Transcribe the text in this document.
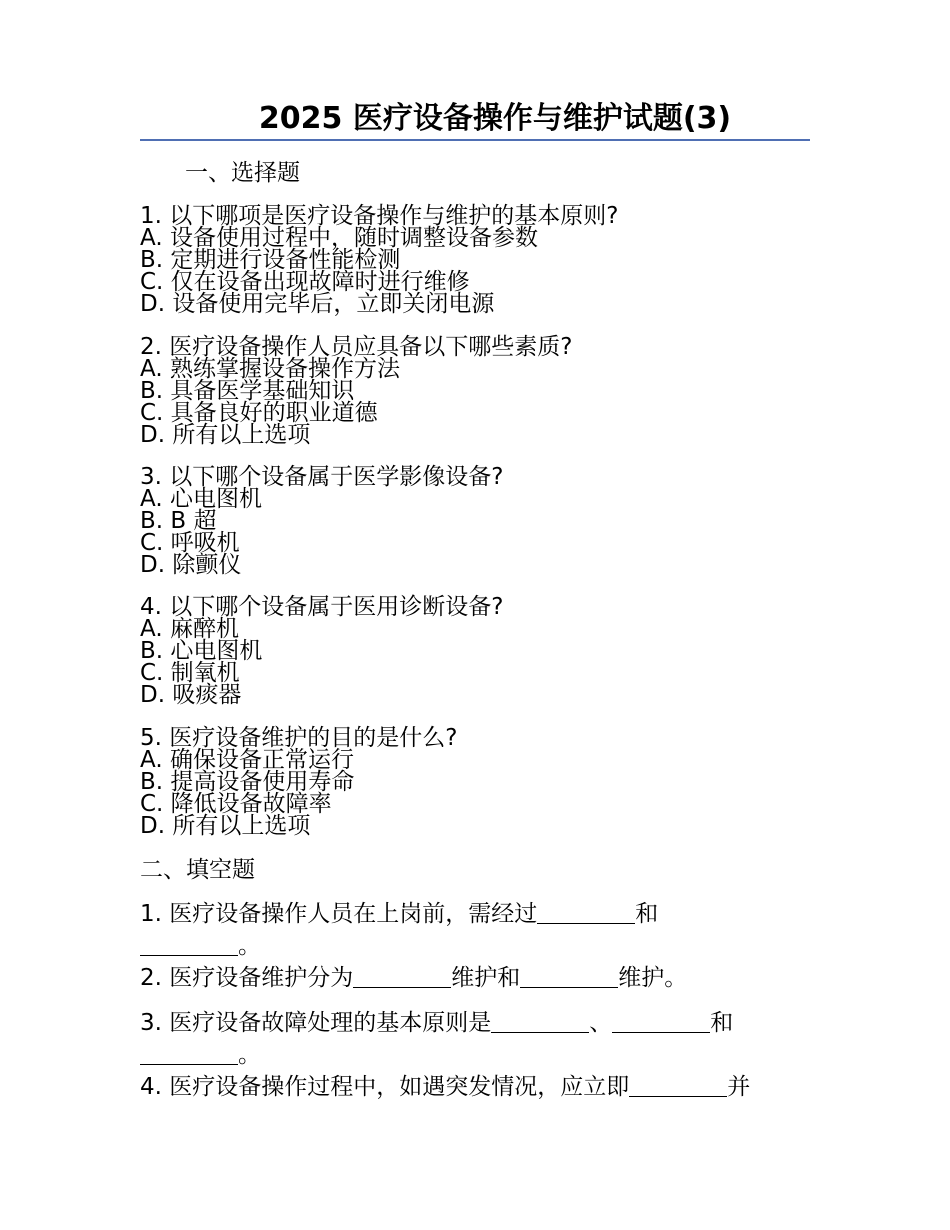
2025 医疗设备操作与维护试题(3)
一、选择题
1. 以下哪项是医疗设备操作与维护的基本原则?
A. 设备使用过程中，随时调整设备参数
B. 定期进行设备性能检测
C. 仅在设备出现故障时进行维修
D. 设备使用完毕后，立即关闭电源
2. 医疗设备操作人员应具备以下哪些素质?
A. 熟练掌握设备操作方法
B. 具备医学基础知识
C. 具备良好的职业道德
D. 所有以上选项
3. 以下哪个设备属于医学影像设备?
A. 心电图机
B. B 超
C. 呼吸机
D. 除颤仪
4. 以下哪个设备属于医用诊断设备?
A. 麻醉机
B. 心电图机
C. 制氧机
D. 吸痰器
5. 医疗设备维护的目的是什么?
A. 确保设备正常运行
B. 提高设备使用寿命
C. 降低设备故障率
D. 所有以上选项
二、填空题
1. 医疗设备操作人员在上岗前，需经过	和
。
2. 医疗设备维护分为	维护和	维护。
3. 医疗设备故障处理的基本原则是	、	和
。
4. 医疗设备操作过程中，如遇突发情况，应立即	并
